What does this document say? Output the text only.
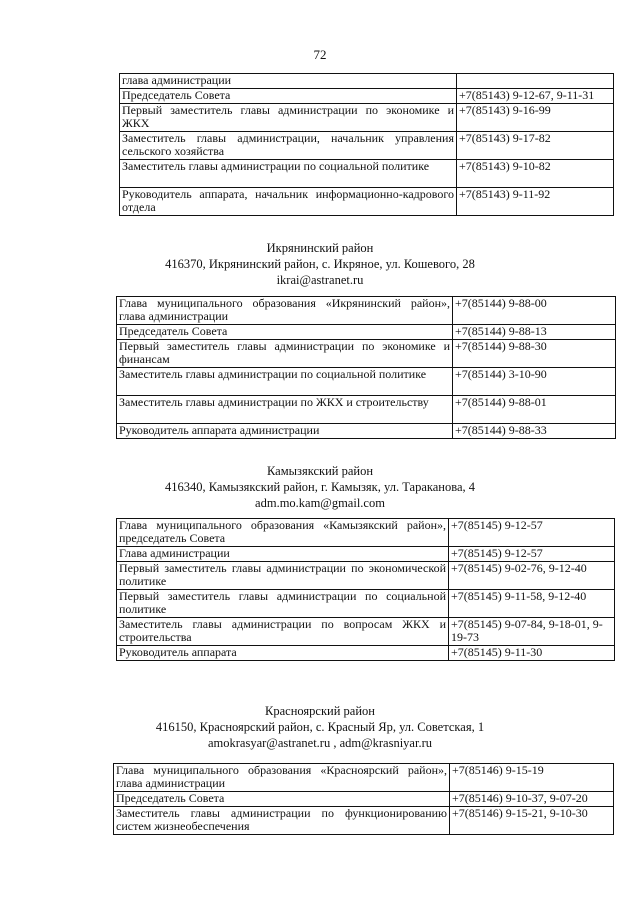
72
глава администрации	
Председатель Совета	+7(85143) 9-12-67, 9-11-31
Первый заместитель главы администрации по экономике и ЖКХ	+7(85143) 9-16-99
Заместитель главы администрации, начальник управления сельского хозяйства	+7(85143) 9-17-82
Заместитель главы администрации по социальной политике	+7(85143) 9-10-82
Руководитель аппарата, начальник информационно-кадрового отдела	+7(85143) 9-11-92
Икрянинский район
416370, Икрянинский район, с. Икряное, ул. Кошевого, 28
ikrai@astranet.ru
Глава муниципального образования «Икрянинский район», глава администрации	+7(85144) 9-88-00
Председатель Совета	+7(85144) 9-88-13
Первый заместитель главы администрации по экономике и финансам	+7(85144) 9-88-30
Заместитель главы администрации по социальной политике	+7(85144) 3-10-90
Заместитель главы администрации по ЖКХ и строительству	+7(85144) 9-88-01
Руководитель аппарата администрации	+7(85144) 9-88-33
Камызякский район
416340, Камызякский район, г. Камызяк, ул. Тараканова, 4
adm.mo.kam@gmail.com
Глава муниципального образования «Камызякский район», председатель Совета	+7(85145) 9-12-57
Глава администрации	+7(85145) 9-12-57
Первый заместитель главы администрации по экономической политике	+7(85145) 9-02-76, 9-12-40
Первый заместитель главы администрации по социальной политике	+7(85145) 9-11-58, 9-12-40
Заместитель главы администрации по вопросам ЖКХ и строительства	+7(85145) 9-07-84, 9-18-01, 9-19-73
Руководитель аппарата	+7(85145) 9-11-30
Красноярский район
416150, Красноярский район, с. Красный Яр, ул. Советская, 1
amokrasyar@astranet.ru , adm@krasniyar.ru
Глава муниципального образования «Красноярский район», глава администрации	+7(85146) 9-15-19
Председатель Совета	+7(85146) 9-10-37, 9-07-20
Заместитель главы администрации по функционированию систем жизнеобеспечения	+7(85146) 9-15-21, 9-10-30
